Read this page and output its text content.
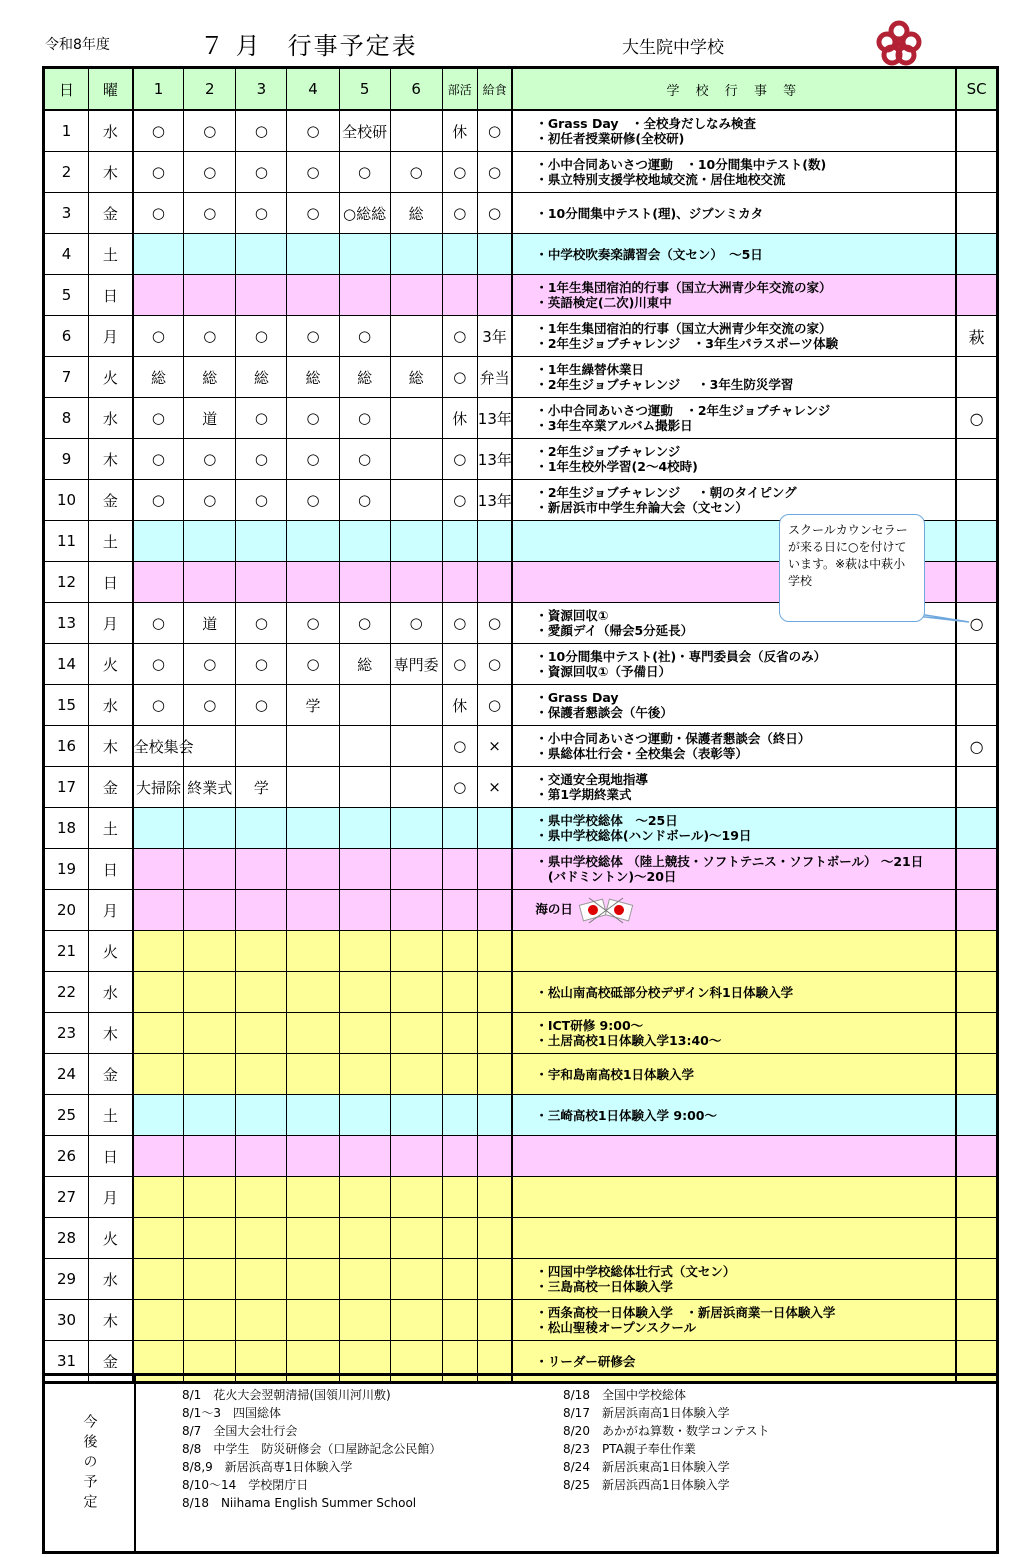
令和8年度	７ 月　行事予定表	大生院中学校
日	曜	1	2	3	4	5	6	部活	給食	学 校 行 事 等	SC
1	水	○	○	○	○	全校研		休	○	・Grass Day　・全校身だしなみ検査
・初任者授業研修(全校研)	
2	木	○	○	○	○	○	○	○	○	・小中合同あいさつ運動　・10分間集中テスト(数)
・県立特別支援学校地域交流・居住地校交流	
3	金	○	○	○	○	○総総	総	○	○	・10分間集中テスト(理)、ジブンミカタ	
4	土									・中学校吹奏楽講習会（文セン）　～5日	
5	日									・1年生集団宿泊的行事（国立大洲青少年交流の家）
・英語検定(二次)川東中	
6	月	○	○	○	○	○		○	3年	・1年生集団宿泊的行事（国立大洲青少年交流の家）
・2年生ジョブチャレンジ　・3年生パラスポーツ体験	萩
7	火	総	総	総	総	総	総	○	弁当	・1年生繰替休業日
・2年生ジョブチャレンジ　 ・3年生防災学習	
8	水	○	道	○	○	○		休	13年	・小中合同あいさつ運動　・2年生ジョブチャレンジ
・3年生卒業アルバム撮影日	○
9	木	○	○	○	○	○		○	13年	・2年生ジョブチャレンジ
・1年生校外学習(2～4校時)	
10	金	○	○	○	○	○		○	13年	・2年生ジョブチャレンジ　 ・朝のタイピング
・新居浜市中学生弁論大会（文セン）	
11	土										
12	日										
13	月	○	道	○	○	○	○	○	○	・資源回収①
・愛顔デイ（帰会5分延長）	○
14	火	○	○	○	○	総	専門委	○	○	・10分間集中テスト(社)・専門委員会（反省のみ）
・資源回収①（予備日）	
15	水	○	○	○	学			休	○	・Grass Day
・保護者懇談会（午後）	
16	木	全校集会						○	×	・小中合同あいさつ運動・保護者懇談会（終日）
・県総体壮行会・全校集会（表彰等）	○
17	金	大掃除	終業式	学				○	×	・交通安全現地指導
・第1学期終業式	
18	土									・県中学校総体　～25日
・県中学校総体(ハンドボール)～19日	
19	日									・県中学校総体 （陸上競技・ソフトテニス・ソフトボール） ～21日
　(バドミントン)～20日	
20	月									海の日	
21	火										
22	水									・松山南高校砥部分校デザイン科1日体験入学	
23	木									・ICT研修 9:00～
・土居高校1日体験入学13:40～	
24	金									・宇和島南高校1日体験入学	
25	土									・三崎高校1日体験入学 9:00～	
26	日										
27	月										
28	火										
29	水									・四国中学校総体壮行式（文セン）
・三島高校一日体験入学	
30	木									・西条高校一日体験入学　・新居浜商業一日体験入学
・松山聖稜オープンスクール	
31	金									・リーダー研修会	
スクールカウンセラーが来る日に○を付けています。※萩は中萩小学校
今後の予定
8/1　花火大会翌朝清掃(国領川河川敷)
8/1～3　四国総体
8/7　全国大会壮行会
8/8　中学生　防災研修会（口屋跡記念公民館）
8/8,9　新居浜高専1日体験入学
8/10～14　学校閉庁日
8/18　Niihama English Summer School
8/18　全国中学校総体
8/17　新居浜南高1日体験入学
8/20　あかがね算数・数学コンテスト
8/23　PTA親子奉仕作業
8/24　新居浜東高1日体験入学
8/25　新居浜西高1日体験入学
